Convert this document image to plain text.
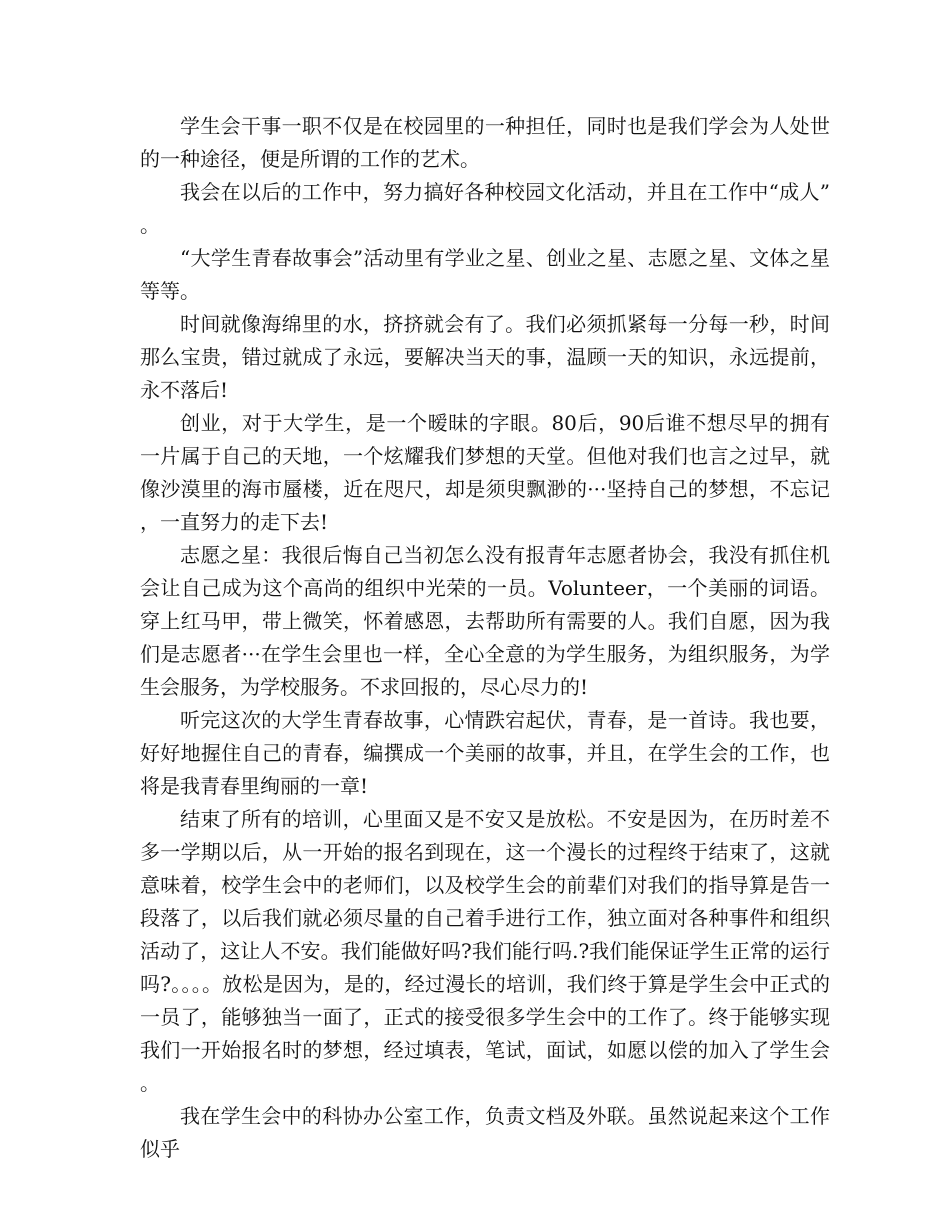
学生会干事一职不仅是在校园里的一种担任，同时也是我们学会为人处世的一种途径，便是所谓的工作的艺术。

我会在以后的工作中，努力搞好各种校园文化活动，并且在工作中“成人”。

“大学生青春故事会”活动里有学业之星、创业之星、志愿之星、文体之星等等。

时间就像海绵里的水，挤挤就会有了。我们必须抓紧每一分每一秒，时间那么宝贵，错过就成了永远，要解决当天的事，温顾一天的知识，永远提前，永不落后!

创业，对于大学生，是一个暧昧的字眼。80后，90后谁不想尽早的拥有一片属于自己的天地，一个炫耀我们梦想的天堂。但他对我们也言之过早，就像沙漠里的海市蜃楼，近在咫尺，却是须臾飘渺的···坚持自己的梦想，不忘记，一直努力的走下去!

志愿之星：我很后悔自己当初怎么没有报青年志愿者协会，我没有抓住机会让自己成为这个高尚的组织中光荣的一员。Volunteer，一个美丽的词语。穿上红马甲，带上微笑，怀着感恩，去帮助所有需要的人。我们自愿，因为我们是志愿者···在学生会里也一样，全心全意的为学生服务，为组织服务，为学生会服务，为学校服务。不求回报的，尽心尽力的!

听完这次的大学生青春故事，心情跌宕起伏，青春，是一首诗。我也要，好好地握住自己的青春，编撰成一个美丽的故事，并且，在学生会的工作，也将是我青春里绚丽的一章!

结束了所有的培训，心里面又是不安又是放松。不安是因为，在历时差不多一学期以后，从一开始的报名到现在，这一个漫长的过程终于结束了，这就意味着，校学生会中的老师们，以及校学生会的前辈们对我们的指导算是告一段落了，以后我们就必须尽量的自己着手进行工作，独立面对各种事件和组织活动了，这让人不安。我们能做好吗?我们能行吗.?我们能保证学生正常的运行吗?。。。。放松是因为，是的，经过漫长的培训，我们终于算是学生会中正式的一员了，能够独当一面了，正式的接受很多学生会中的工作了。终于能够实现我们一开始报名时的梦想，经过填表，笔试，面试，如愿以偿的加入了学生会。

我在学生会中的科协办公室工作，负责文档及外联。虽然说起来这个工作似乎
